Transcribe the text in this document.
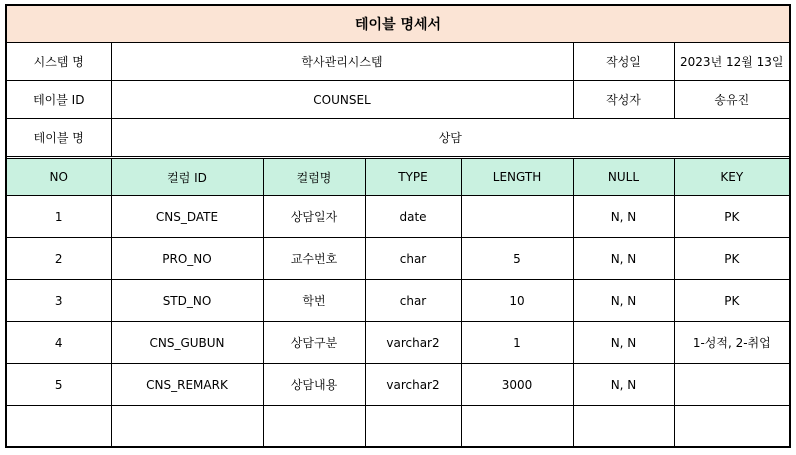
테이블 명세서						
시스템 명	학사관리시스템				작성일	2023년 12월 13일
테이블 ID	COUNSEL				작성자	송유진
테이블 명	상담					
NO	컬럼 ID	컬럼명	TYPE	LENGTH	NULL	KEY
1	CNS_DATE	상담일자	date		N, N	PK
2	PRO_NO	교수번호	char	5	N, N	PK
3	STD_NO	학번	char	10	N, N	PK
4	CNS_GUBUN	상담구분	varchar2	1	N, N	1-성적, 2-취업
5	CNS_REMARK	상담내용	varchar2	3000	N, N	
